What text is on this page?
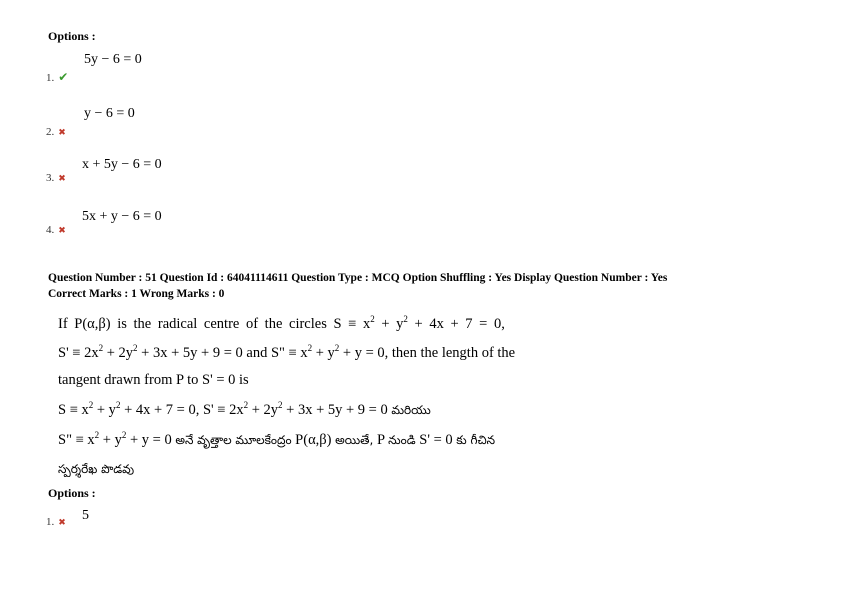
Options :
5y − 6 = 0
1. ✔
y − 6 = 0
2. ✖
x + 5y − 6 = 0
3. ✖
5x + y − 6 = 0
4. ✖
Question Number : 51 Question Id : 64041114611 Question Type : MCQ Option Shuffling : Yes Display Question Number : Yes
Correct Marks : 1 Wrong Marks : 0
If P(α,β) is the radical centre of the circles $S \equiv x^2 + y^2 + 4x + 7 = 0$,
$S' \equiv 2x^2 + 2y^2 + 3x + 5y + 9 = 0$ and S" ≡ $x^2 + y^2 + y = 0$, then the length of the
tangent drawn from P to S' = 0 is
$S \equiv x^2 + y^2 + 4x + 7 = 0$, $S' \equiv 2x^2 + 2y^2 + 3x + 5y + 9 = 0$ మరియు
S" ≡ $x^2 + y^2 + y = 0$ అనే వృత్తాల మూలకేంద్రం P(α,β) అయితే, P నుండి S' = 0 కు గీచిన
స్పర్శరేఖ పొడవు
Options :
1. ✖ 5
